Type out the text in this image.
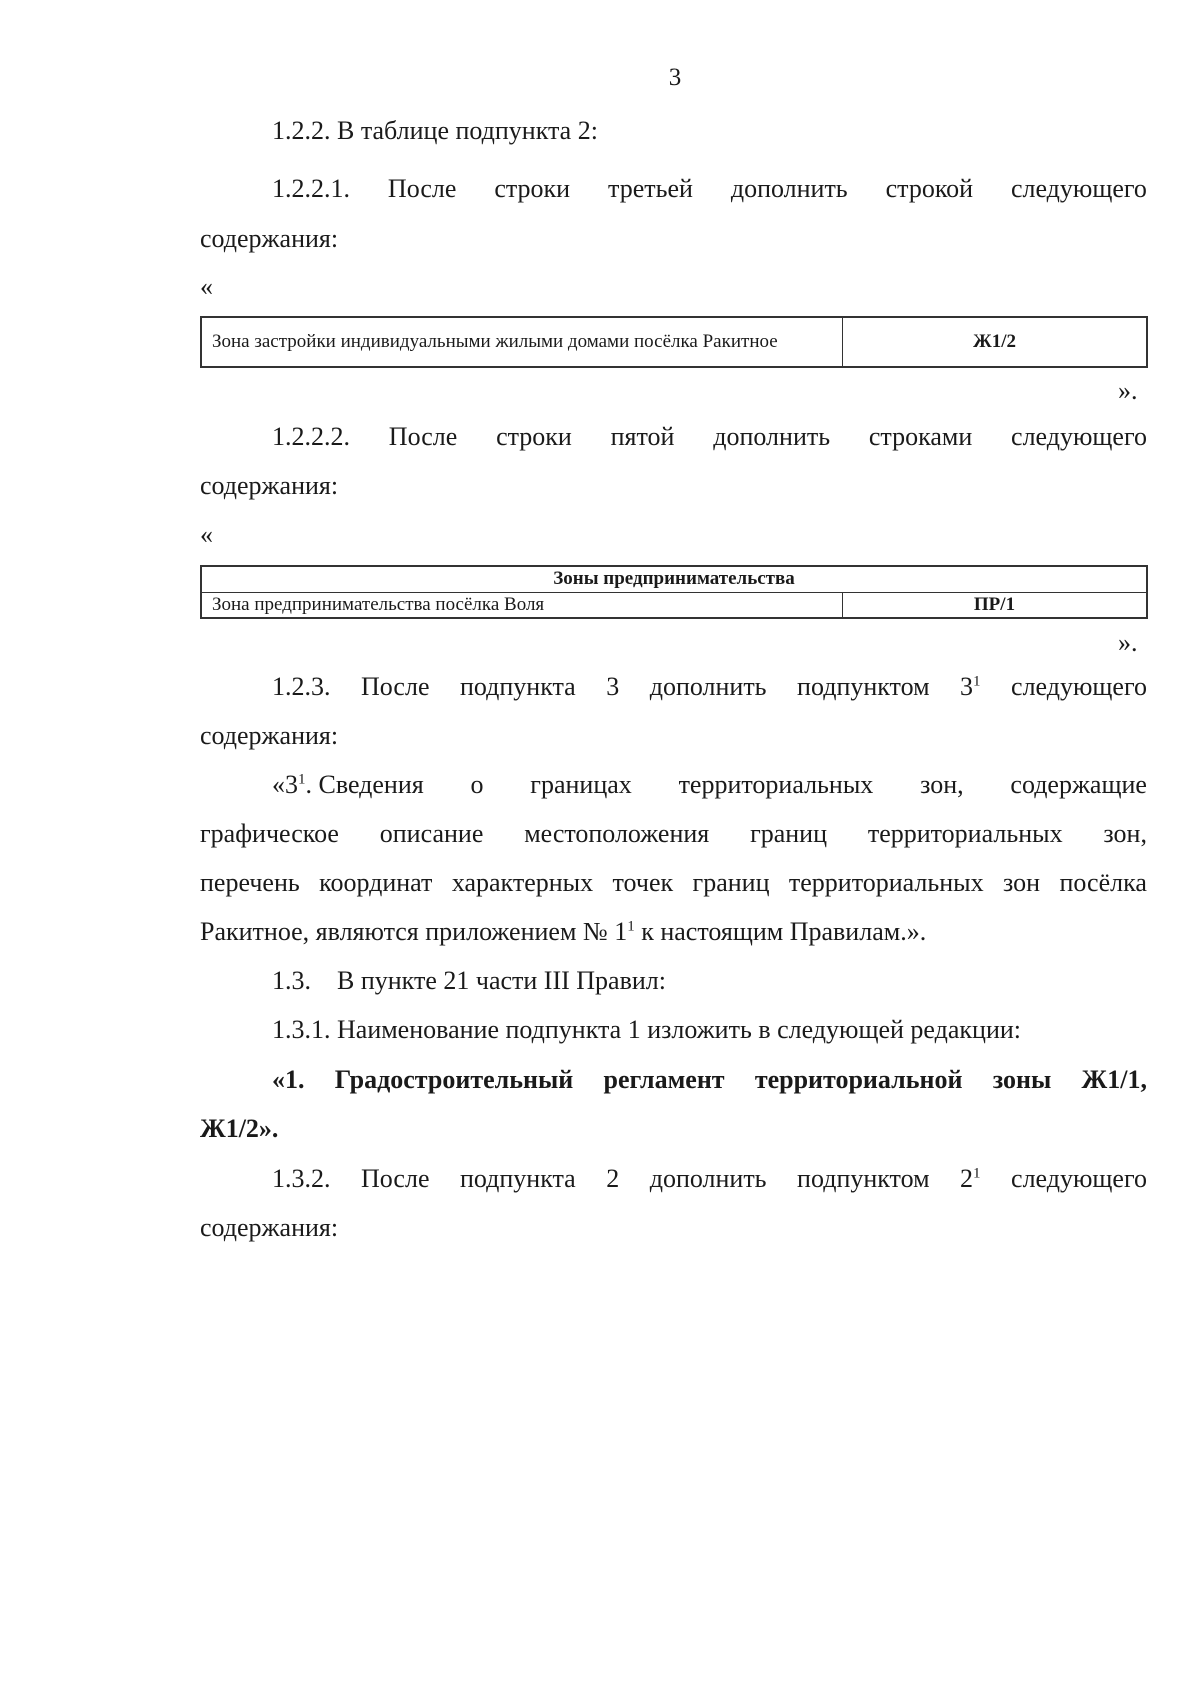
3
1.2.2. В таблице подпункта 2:
1.2.2.1. После строки третьей дополнить строкой следующего
содержания:
«
Зона застройки индивидуальными жилыми домами посёлка Ракитное	Ж1/2
».
1.2.2.2. После строки пятой дополнить строками следующего
содержания:
«
Зоны предпринимательства
Зона предпринимательства посёлка Воля	ПР/1
».
1.2.3. После подпункта 3 дополнить подпунктом $3^1$ следующего
содержания:
«$3^1$. Сведения о границах территориальных зон, содержащие
графическое описание местоположения границ территориальных зон,
перечень координат характерных точек границ территориальных зон посёлка
Ракитное, являются приложением № $1^1$ к настоящим Правилам.».
1.3.    В пункте 21 части III Правил:
1.3.1. Наименование подпункта 1 изложить в следующей редакции:
«1. Градостроительный регламент территориальной зоны Ж1/1,
Ж1/2».
1.3.2. После подпункта 2 дополнить подпунктом $2^1$ следующего
содержания:
